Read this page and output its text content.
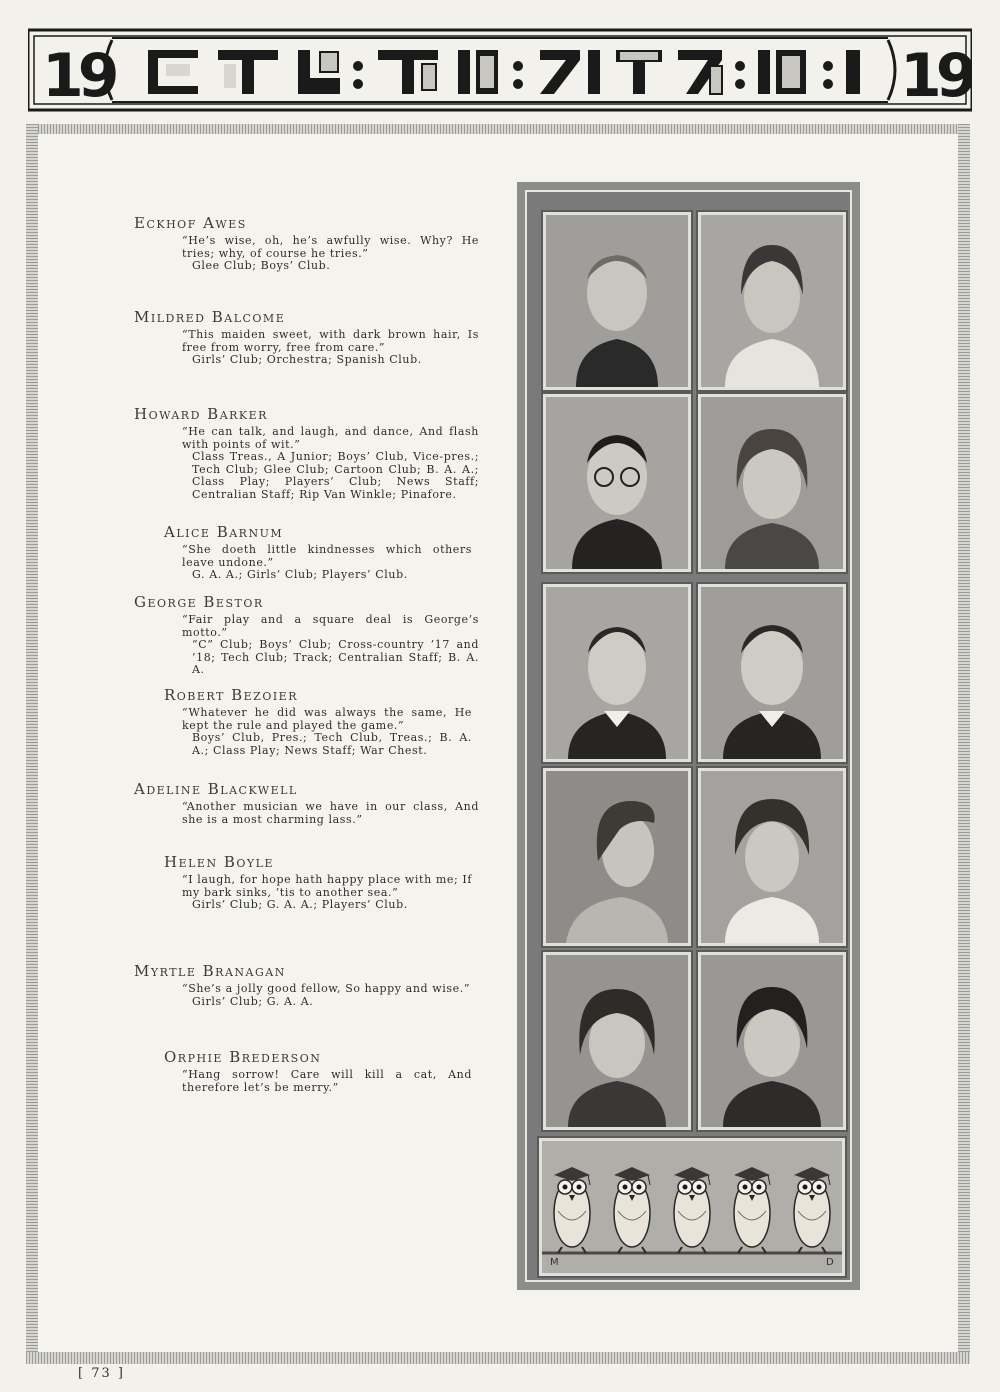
19	19
Eckhof Awes
“He’s wise, oh, he’s awfully wise. Why? He tries; why, of course he tries.”
Glee Club; Boys’ Club.
Mildred Balcome
“This maiden sweet, with dark brown hair, Is free from worry, free from care.”
Girls’ Club; Orchestra; Spanish Club.
Howard Barker
“He can talk, and laugh, and dance, And flash with points of wit.”
Class Treas., A Junior; Boys’ Club, Vice-pres.; Tech Club; Glee Club; Cartoon Club; B. A. A.; Class Play; Players’ Club; News Staff; Centralian Staff; Rip Van Winkle; Pinafore.
Alice Barnum
“She doeth little kindnesses which others leave undone.”
G. A. A.; Girls’ Club; Players’ Club.
George Bestor
“Fair play and a square deal is George’s motto.”
“C” Club; Boys’ Club; Cross-country ’17 and ’18; Tech Club; Track; Centralian Staff; B. A. A.
Robert Bezoier
“Whatever he did was always the same, He kept the rule and played the game.”
Boys’ Club, Pres.; Tech Club, Treas.; B. A. A.; Class Play; News Staff; War Chest.
Adeline Blackwell
“Another musician we have in our class, And she is a most charming lass.”
Helen Boyle
“I laugh, for hope hath happy place with me; If my bark sinks, ’tis to another sea.”
Girls’ Club; G. A. A.; Players’ Club.
Myrtle Branagan
“She’s a jolly good fellow, So happy and wise.”
Girls’ Club; G. A. A.
Orphie Brederson
“Hang sorrow! Care will kill a cat, And therefore let’s be merry.”
M	D
[ 73 ]
